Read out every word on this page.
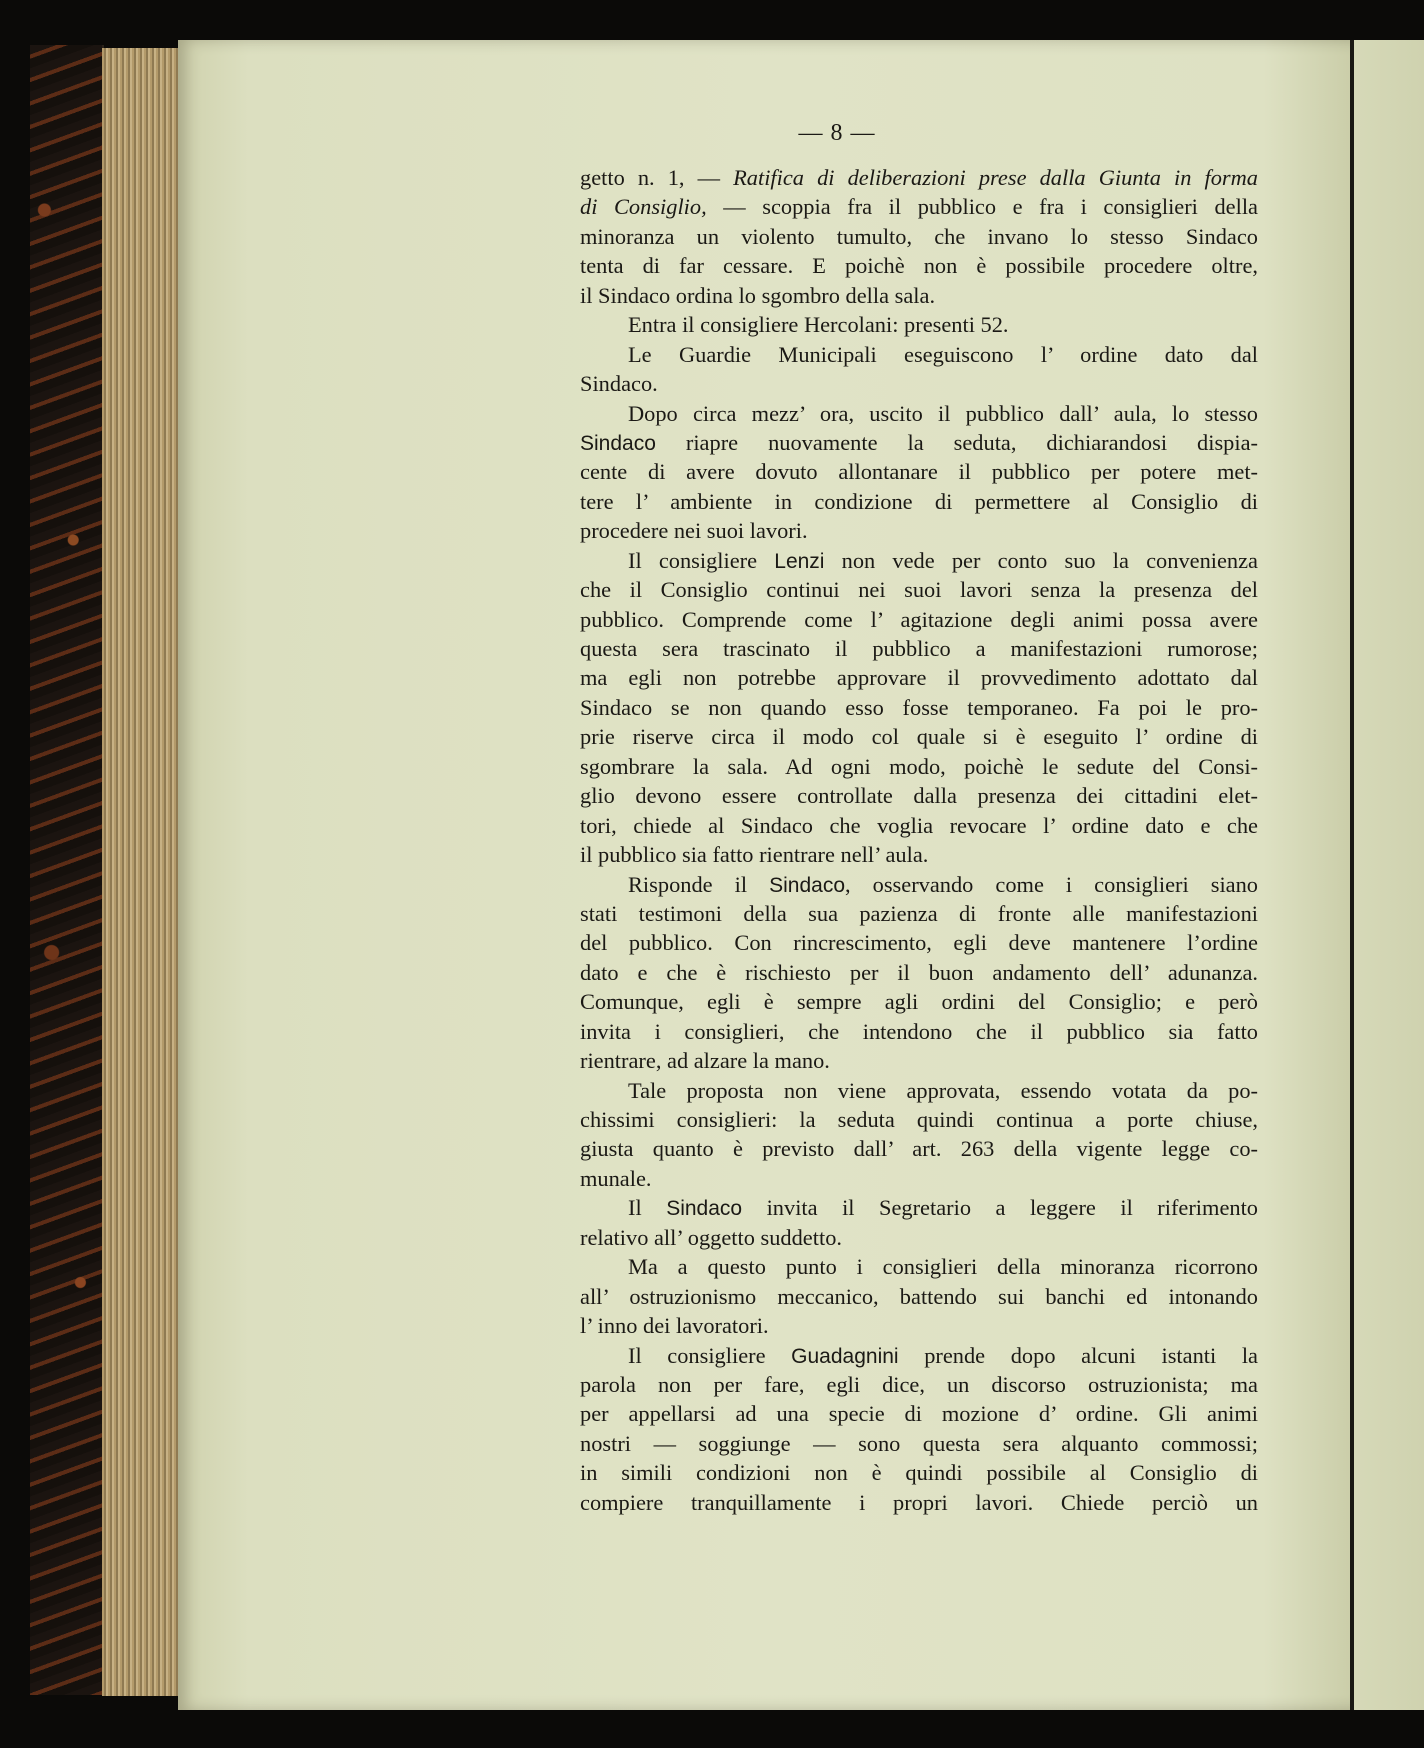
— 8 —
getto n. 1, — Ratifica di deliberazioni prese dalla Giunta in forma
di Consiglio, — scoppia fra il pubblico e fra i consiglieri della
minoranza un violento tumulto, che invano lo stesso Sindaco
tenta di far cessare. E poichè non è possibile procedere oltre,
il Sindaco ordina lo sgombro della sala.
Entra il consigliere Hercolani: presenti 52.
Le Guardie Municipali eseguiscono l’ ordine dato dal
Sindaco.
Dopo circa mezz’ ora, uscito il pubblico dall’ aula, lo stesso
Sindaco riapre nuovamente la seduta, dichiarandosi dispia-
cente di avere dovuto allontanare il pubblico per potere met-
tere l’ ambiente in condizione di permettere al Consiglio di
procedere nei suoi lavori.
Il consigliere Lenzi non vede per conto suo la convenienza
che il Consiglio continui nei suoi lavori senza la presenza del
pubblico. Comprende come l’ agitazione degli animi possa avere
questa sera trascinato il pubblico a manifestazioni rumorose;
ma egli non potrebbe approvare il provvedimento adottato dal
Sindaco se non quando esso fosse temporaneo. Fa poi le pro-
prie riserve circa il modo col quale si è eseguito l’ ordine di
sgombrare la sala. Ad ogni modo, poichè le sedute del Consi-
glio devono essere controllate dalla presenza dei cittadini elet-
tori, chiede al Sindaco che voglia revocare l’ ordine dato e che
il pubblico sia fatto rientrare nell’ aula.
Risponde il Sindaco, osservando come i consiglieri siano
stati testimoni della sua pazienza di fronte alle manifestazioni
del pubblico. Con rincrescimento, egli deve mantenere l’ordine
dato e che è rischiesto per il buon andamento dell’ adunanza.
Comunque, egli è sempre agli ordini del Consiglio; e però
invita i consiglieri, che intendono che il pubblico sia fatto
rientrare, ad alzare la mano.
Tale proposta non viene approvata, essendo votata da po-
chissimi consiglieri: la seduta quindi continua a porte chiuse,
giusta quanto è previsto dall’ art. 263 della vigente legge co-
munale.
Il Sindaco invita il Segretario a leggere il riferimento
relativo all’ oggetto suddetto.
Ma a questo punto i consiglieri della minoranza ricorrono
all’ ostruzionismo meccanico, battendo sui banchi ed intonando
l’ inno dei lavoratori.
Il consigliere Guadagnini prende dopo alcuni istanti la
parola non per fare, egli dice, un discorso ostruzionista; ma
per appellarsi ad una specie di mozione d’ ordine. Gli animi
nostri — soggiunge — sono questa sera alquanto commossi;
in simili condizioni non è quindi possibile al Consiglio di
compiere tranquillamente i propri lavori. Chiede perciò un
